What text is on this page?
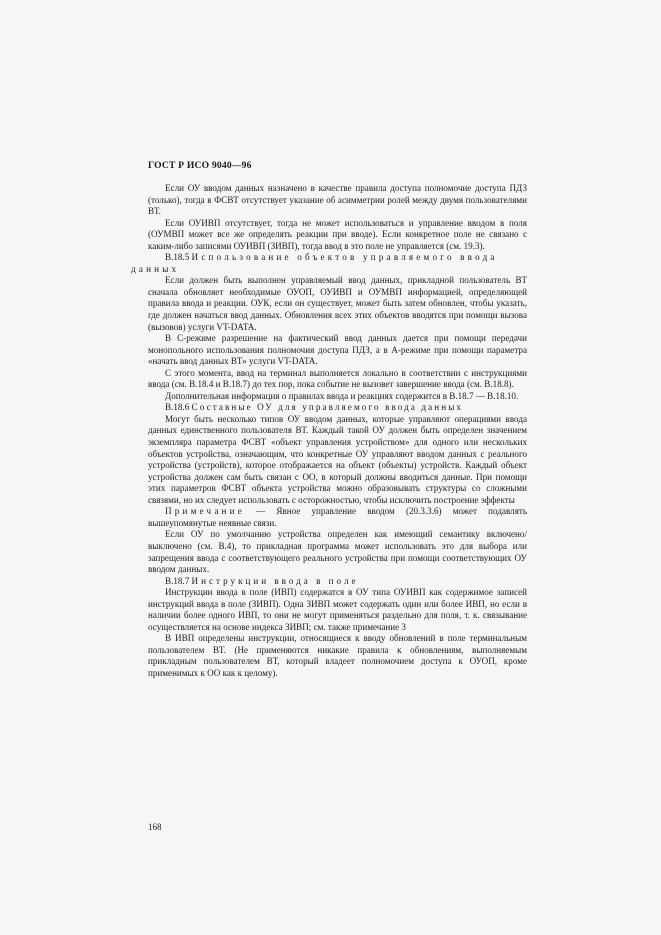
ГОСТ Р ИСО 9040—96

Если ОУ вводом данных назначено в качестве правила доступа полномочие доступа ПДЗ (только), тогда в ФСВТ отсутствует указание об асимметрии ролей между двумя пользователями ВТ.

Если ОУИВП отсутствует, тогда не может использоваться и управление вводом в поля (ОУМВП может все же определять реакции при вводе). Если конкретное поле не связано с каким-либо записями ОУИВП (ЗИВП), тогда ввод в это поле не управляется (см. 19.3).

В.18.5 Использование объектов управляемого ввода
данных

Если должен быть выполнен управляемый ввод данных, прикладной пользователь ВТ сначала обновляет необходимые ОУОП, ОУИВП и ОУМВП информацией, определяющей правила ввода и реакции. ОУК, если он существует, может быть затем обновлен, чтобы указать, где должен начаться ввод данных. Обновления всех этих объектов вводятся при помощи вызова (вызовов) услуги VT-DATA.

В С-режиме разрешение на фактический ввод данных дается при помощи передачи монопольного использования полномочия доступа ПДЗ, а в А-режиме при помощи параметра «начать ввод данных ВТ» услуги VT-DATA.

С этого момента, ввод на терминал выполняется локально в соответствии с инструкциями ввода (см. В.18.4 и В.18.7) до тех пор, пока событие не вызовет завершение ввода (см. В.18.8).

Дополнительная информация о правилах ввода и реакциях содержится в В.18.7 — В.18.10.

В.18.6 Составные ОУ для управляемого ввода данных

Могут быть несколько типов ОУ вводом данных, которые управляют операциями ввода данных единственного пользователя ВТ. Каждый такой ОУ должен быть определен значением экземпляра параметра ФСВТ «объект управления устройством» для одного или нескольких объектов устройства, означающим, что конкретные ОУ управляют вводом данных с реального устройства (устройств), которое отображается на объект (объекты) устройств. Каждый объект устройства должен сам быть связан с ОО, в который должны вводиться данные. При помощи этих параметров ФСВТ объекта устройства можно образовывать структуры со сложными связями, но их следует использовать с осторожностью, чтобы исключить построение эффекты

Примечание — Явное управление вводом (20.3.3.6) может подавлять вышеупомянутые неявные связи.

Если ОУ по умолчанию устройства определен как имеющий семантику включено/выключено (см. В.4), то прикладная программа может использовать это для выбора или запрещения ввода с соответствующего реального устройства при помощи соответствующих ОУ вводом данных.

В.18.7 Инструкции ввода в поле

Инструкции ввода в поле (ИВП) содержатся в ОУ типа ОУИВП как содержимое записей инструкций ввода в поле (ЗИВП). Одна ЗИВП может содержать один или более ИВП, но если в наличии более одного ИВП, то они не могут применяться раздельно для поля, т. к. связывание осуществляется на основе индекса ЗИВП; см. также примечание 3

В ИВП определены инструкции, относящиеся к вводу обновлений в поле терминальным пользователем ВТ. (Не применяются никакие правила к обновлениям, выполняемым прикладным пользователем ВТ, который владеет полномочием доступа к ОУОП, кроме применимых к ОО как к целому).

168
